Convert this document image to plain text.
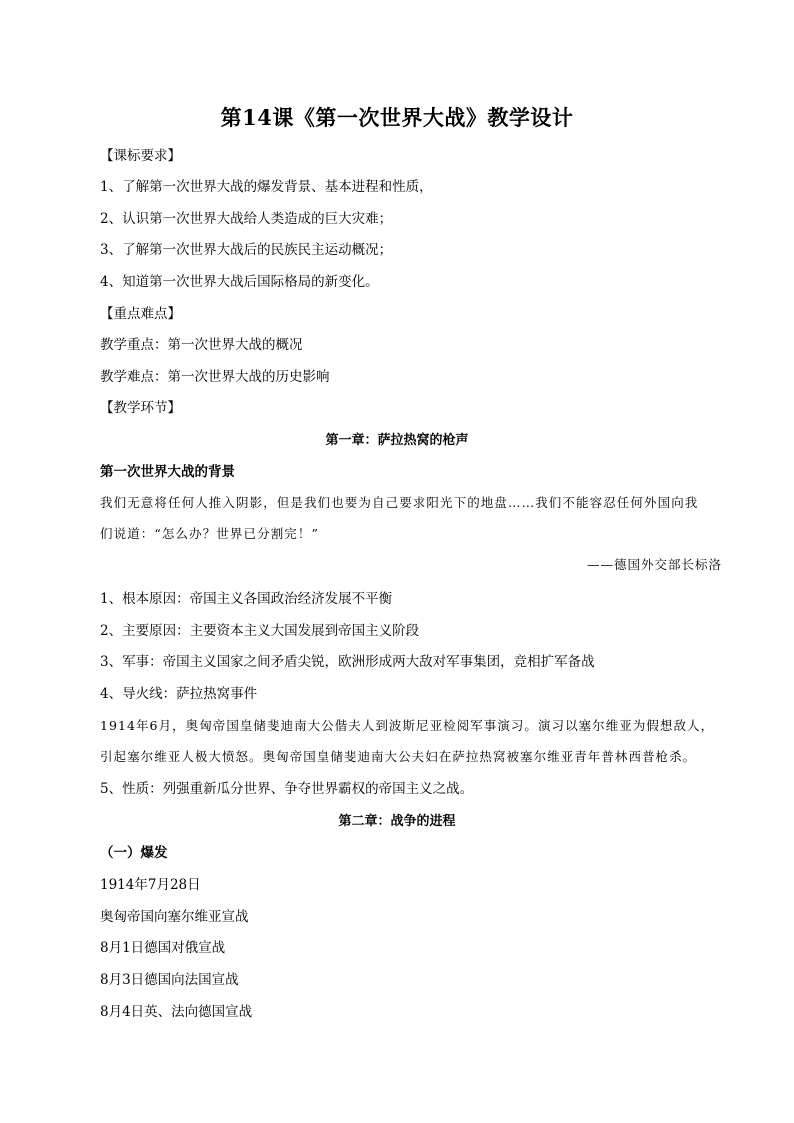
第14课《第一次世界大战》教学设计
【课标要求】
1、了解第一次世界大战的爆发背景、基本进程和性质，
2、认识第一次世界大战给人类造成的巨大灾难；
3、了解第一次世界大战后的民族民主运动概况；
4、知道第一次世界大战后国际格局的新变化。
【重点难点】
教学重点：第一次世界大战的概况
教学难点：第一次世界大战的历史影响
【教学环节】
第一章：萨拉热窝的枪声
第一次世界大战的背景
我们无意将任何人推入阴影，但是我们也要为自己要求阳光下的地盘……我们不能容忍任何外国向我
们说道：“怎么办？世界已分割完！”
——德国外交部长标洛
1、根本原因：帝国主义各国政治经济发展不平衡
2、主要原因：主要资本主义大国发展到帝国主义阶段
3、军事：帝国主义国家之间矛盾尖锐，欧洲形成两大敌对军事集团，竞相扩军备战
4、导火线：萨拉热窝事件
1914年6月，奥匈帝国皇储斐迪南大公偕夫人到波斯尼亚检阅军事演习。演习以塞尔维亚为假想敌人，
引起塞尔维亚人极大愤怒。奥匈帝国皇储斐迪南大公夫妇在萨拉热窝被塞尔维亚青年普林西普枪杀。
5、性质：列强重新瓜分世界、争夺世界霸权的帝国主义之战。
第二章：战争的进程
（一）爆发
1914年7月28日
奥匈帝国向塞尔维亚宣战
8月1日德国对俄宣战
8月3日德国向法国宣战
8月4日英、法向德国宣战
